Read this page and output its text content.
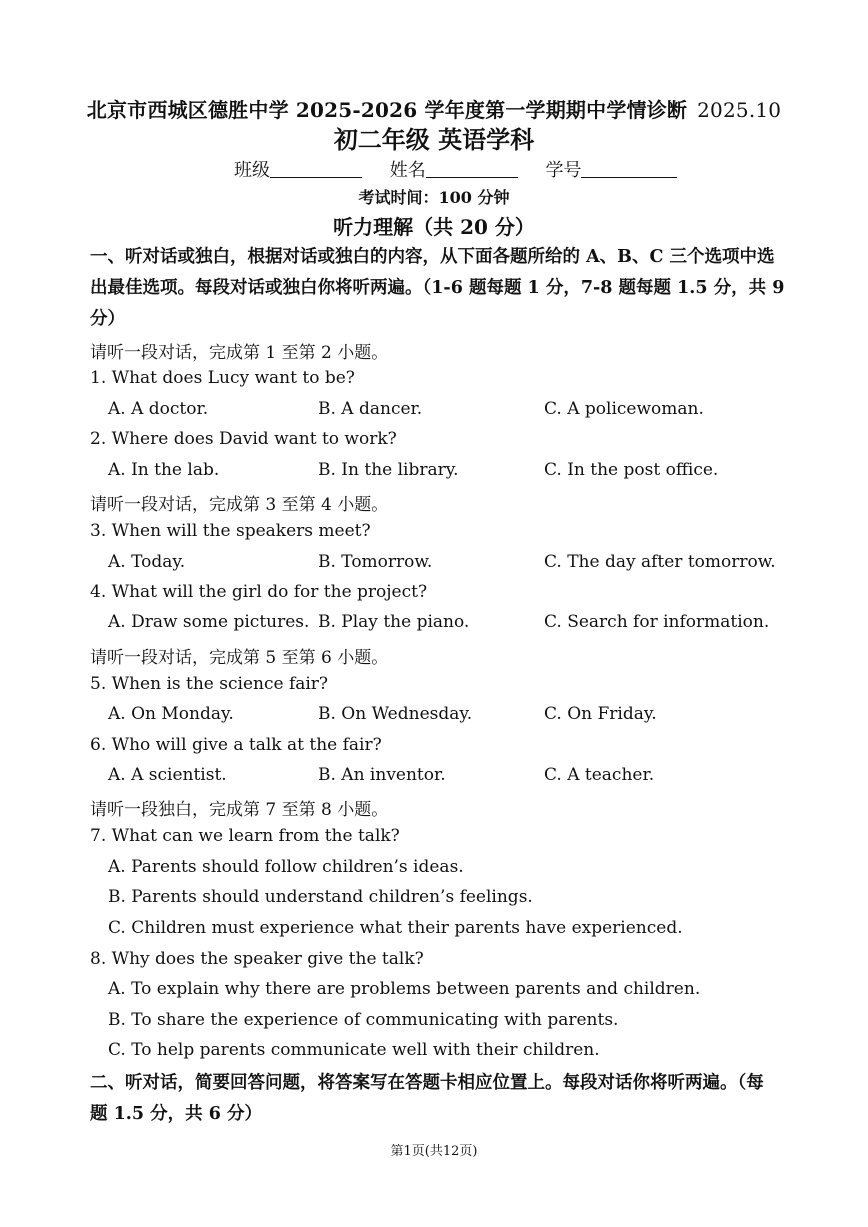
北京市西城区德胜中学 2025-2026 学年度第一学期期中学情诊断 2025.10
初二年级 英语学科
班级	姓名	学号
考试时间：100 分钟
听力理解（共 20 分）
一、听对话或独白，根据对话或独白的内容，从下面各题所给的 A、B、C 三个选项中选
出最佳选项。每段对话或独白你将听两遍。（1-6 题每题 1 分，7-8 题每题 1.5 分，共 9
分）
请听一段对话，完成第 1 至第 2 小题。
1. What does Lucy want to be?
A. A doctor.	B. A dancer.	C. A policewoman.
2. Where does David want to work?
A. In the lab.	B. In the library.	C. In the post office.
请听一段对话，完成第 3 至第 4 小题。
3. When will the speakers meet?
A. Today.	B. Tomorrow.	C. The day after tomorrow.
4. What will the girl do for the project?
A. Draw some pictures. B. Play the piano.	C. Search for information.
请听一段对话，完成第 5 至第 6 小题。
5. When is the science fair?
A. On Monday.	B. On Wednesday.	C. On Friday.
6. Who will give a talk at the fair?
A. A scientist.	B. An inventor.	C. A teacher.
请听一段独白，完成第 7 至第 8 小题。
7. What can we learn from the talk?
A. Parents should follow children’s ideas.
B. Parents should understand children’s feelings.
C. Children must experience what their parents have experienced.
8. Why does the speaker give the talk?
A. To explain why there are problems between parents and children.
B. To share the experience of communicating with parents.
C. To help parents communicate well with their children.
二、听对话，简要回答问题，将答案写在答题卡相应位置上。每段对话你将听两遍。（每
题 1.5 分，共 6 分）
第1页(共12页)
